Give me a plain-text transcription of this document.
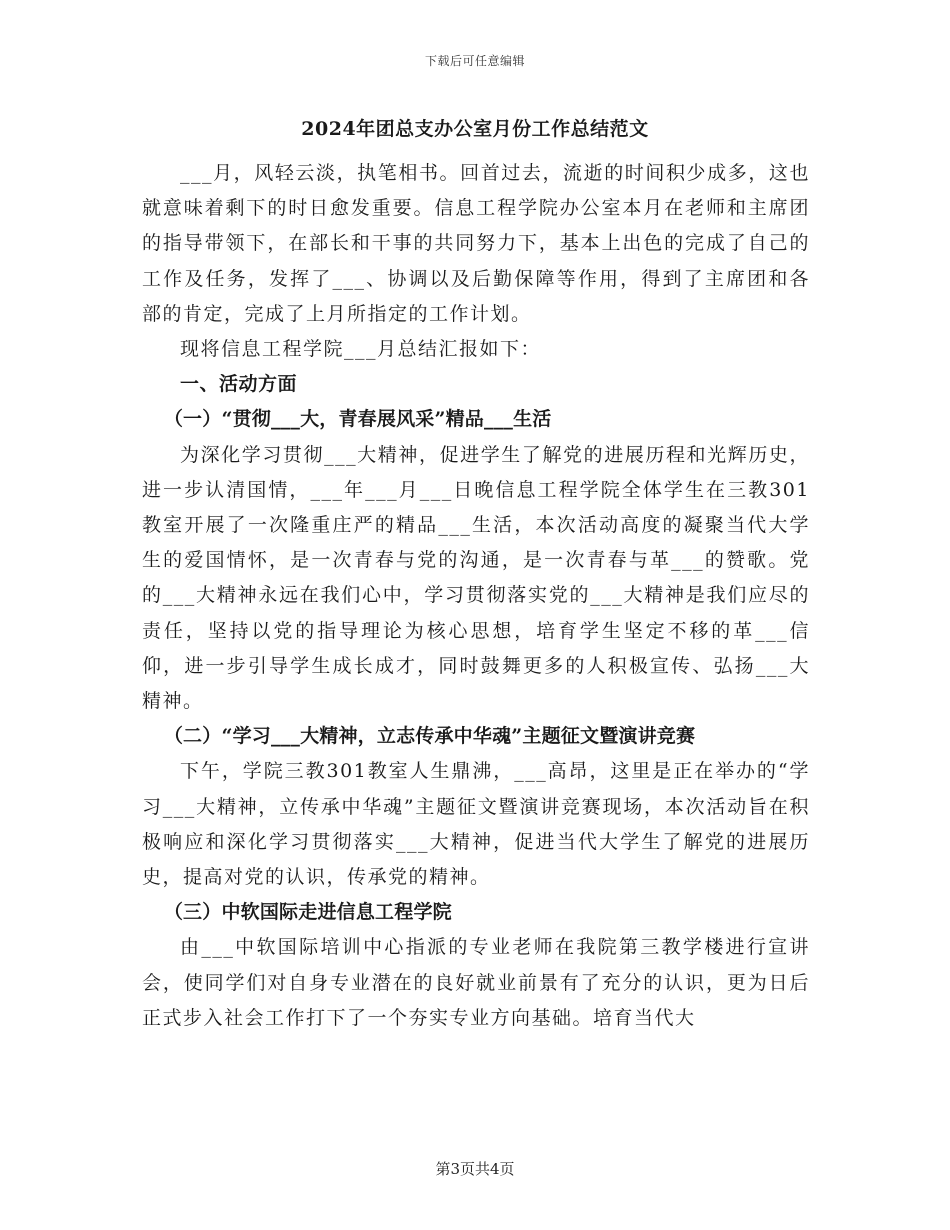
下载后可任意编辑
2024年团总支办公室月份工作总结范文

___月，风轻云淡，执笔相书。回首过去，流逝的时间积少成多，这也就意味着剩下的时日愈发重要。信息工程学院办公室本月在老师和主席团的指导带领下，在部长和干事的共同努力下，基本上出色的完成了自己的工作及任务，发挥了___、协调以及后勤保障等作用，得到了主席团和各部的肯定，完成了上月所指定的工作计划。

现将信息工程学院___月总结汇报如下：

一、活动方面
（一）“贯彻___大，青春展风采”精品___生活

为深化学习贯彻___大精神，促进学生了解党的进展历程和光辉历史，进一步认清国情，___年___月___日晚信息工程学院全体学生在三教301教室开展了一次隆重庄严的精品___生活，本次活动高度的凝聚当代大学生的爱国情怀，是一次青春与党的沟通，是一次青春与革___的赞歌。党的___大精神永远在我们心中，学习贯彻落实党的___大精神是我们应尽的责任，坚持以党的指导理论为核心思想，培育学生坚定不移的革___信仰，进一步引导学生成长成才，同时鼓舞更多的人积极宣传、弘扬___大精神。

（二）“学习___大精神，立志传承中华魂”主题征文暨演讲竞赛

下午，学院三教301教室人生鼎沸，___高昂，这里是正在举办的“学习___大精神，立传承中华魂”主题征文暨演讲竞赛现场，本次活动旨在积极响应和深化学习贯彻落实___大精神，促进当代大学生了解党的进展历史，提高对党的认识，传承党的精神。

（三）中软国际走进信息工程学院

由___中软国际培训中心指派的专业老师在我院第三教学楼进行宣讲会，使同学们对自身专业潜在的良好就业前景有了充分的认识，更为日后正式步入社会工作打下了一个夯实专业方向基础。培育当代大

第3页共4页
